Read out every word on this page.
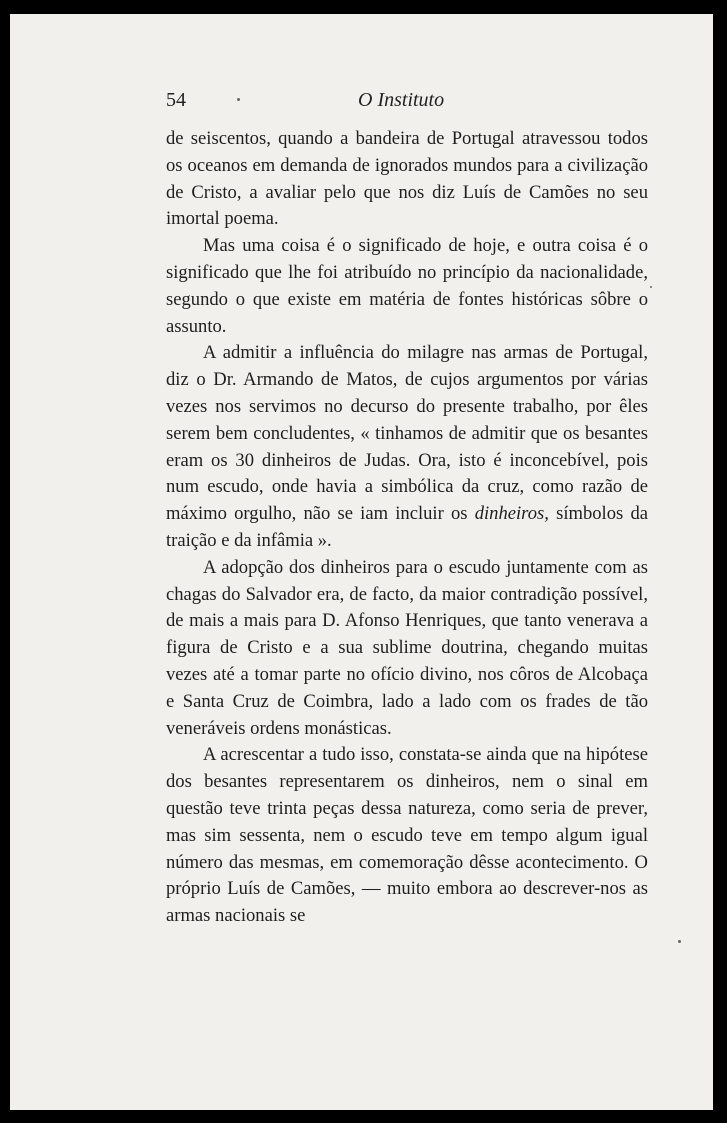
54	O Instituto

de seiscentos, quando a bandeira de Portugal atravessou todos os oceanos em demanda de ignorados mundos para a civilização de Cristo, a avaliar pelo que nos diz Luís de Camões no seu imortal poema.

Mas uma coisa é o significado de hoje, e outra coisa é o significado que lhe foi atribuído no princípio da nacionalidade, segundo o que existe em matéria de fontes históricas sôbre o assunto.

A admitir a influência do milagre nas armas de Portugal, diz o Dr. Armando de Matos, de cujos argumentos por várias vezes nos servimos no decurso do presente trabalho, por êles serem bem concludentes, « tinhamos de admitir que os besantes eram os 30 dinheiros de Judas. Ora, isto é inconcebível, pois num escudo, onde havia a simbólica da cruz, como razão de máximo orgulho, não se iam incluir os dinheiros, símbolos da traição e da infâmia ».

A adopção dos dinheiros para o escudo juntamente com as chagas do Salvador era, de facto, da maior contradição possível, de mais a mais para D. Afonso Henriques, que tanto venerava a figura de Cristo e a sua sublime doutrina, chegando muitas vezes até a tomar parte no ofício divino, nos côros de Alcobaça e Santa Cruz de Coimbra, lado a lado com os frades de tão veneráveis ordens monásticas.

A acrescentar a tudo isso, constata-se ainda que na hipótese dos besantes representarem os dinheiros, nem o sinal em questão teve trinta peças dessa natureza, como seria de prever, mas sim sessenta, nem o escudo teve em tempo algum igual número das mesmas, em comemoração dêsse acontecimento. O próprio Luís de Camões, — muito embora ao descrever-nos as armas nacionais se
